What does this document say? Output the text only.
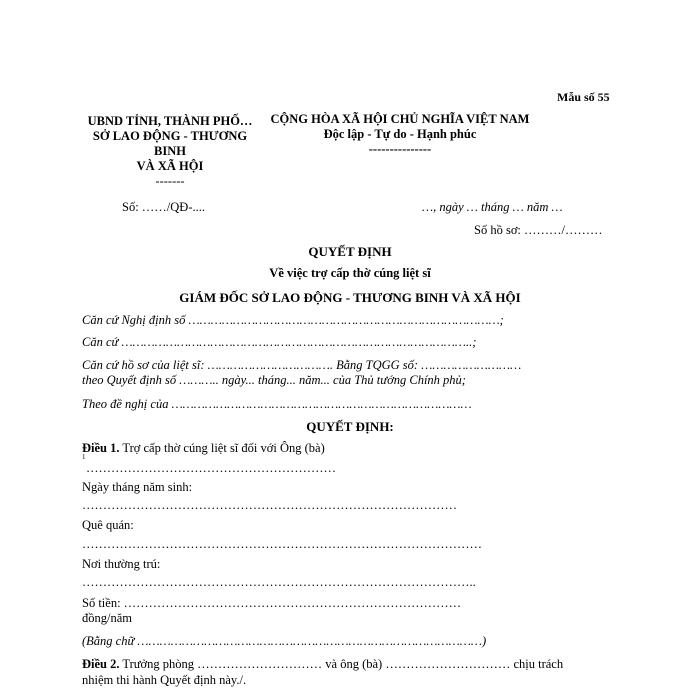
Mẫu số 55
UBND TỈNH, THÀNH PHỐ…
SỞ LAO ĐỘNG - THƯƠNG
BINH
VÀ XÃ HỘI
-------
Số: ……/QĐ-....
CỘNG HÒA XÃ HỘI CHỦ NGHĨA VIỆT NAM
Độc lập - Tự do - Hạnh phúc
---------------
…, ngày … tháng … năm …
Số hồ sơ: ………/………
QUYẾT ĐỊNH
Về việc trợ cấp thờ cúng liệt sĩ
GIÁM ĐỐC SỞ LAO ĐỘNG - THƯƠNG BINH VÀ XÃ HỘI
Căn cứ Nghị định số …………………………………………………………………………;
Căn cứ …………………………………………………………………………………..;
Căn cứ hồ sơ của liệt sĩ: ……………………………. Bằng TQGG số: ………………………
theo Quyết định số ……….. ngày... tháng... năm... của Thủ tướng Chính phủ;
Theo đề nghị của ………………………………………………………………………
QUYẾT ĐỊNH:
Điều 1. Trợ cấp thờ cúng liệt sĩ đối với Ông (bà)
1
……………………………………………………
Ngày tháng năm sinh:
………………………………………………………………………………
Quê quán:
……………………………………………………………………………………
Nơi thường trú:
…………………………………………………………………………………..
Số tiền: ………………………………………………………………………
đồng/năm
(Bằng chữ …………………………………………………………………………………)
Điều 2. Trưởng phòng ………………………… và ông (bà) ………………………… chịu trách
nhiệm thi hành Quyết định này./.
